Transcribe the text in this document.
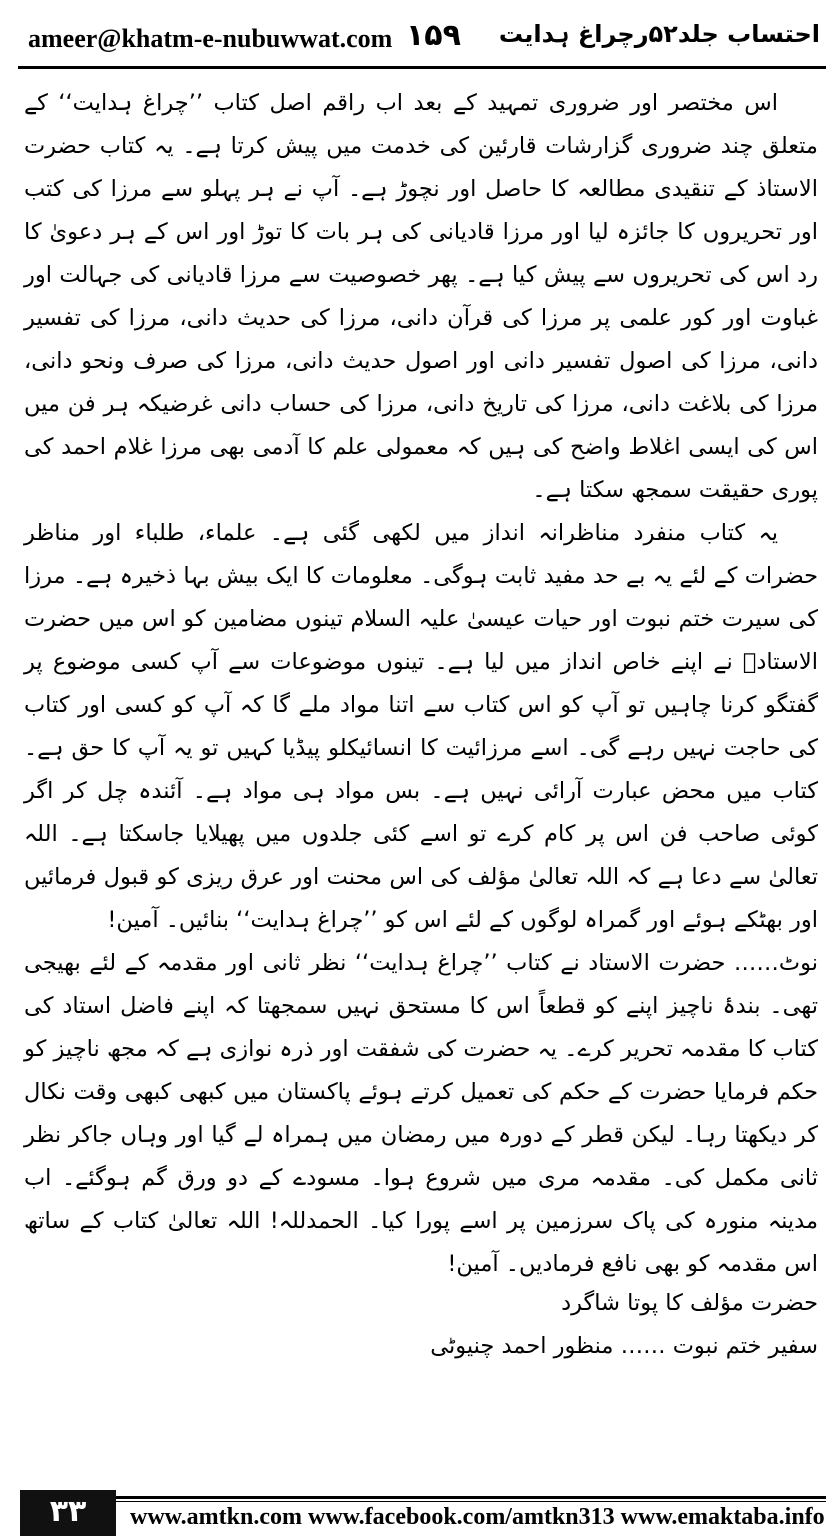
ameer@khatm-e-nubuwwat.com ۱۵۹ احتساب جلد۵۲رچراغ ہدایت

اس مختصر اور ضروری تمہید کے بعد اب راقم اصل کتاب ’’چراغ ہدایت‘‘ کے متعلق چند ضروری گزارشات قارئین کی خدمت میں پیش کرتا ہے۔ یہ کتاب حضرت الاستاذ کے تنقیدی مطالعہ کا حاصل اور نچوڑ ہے۔ آپ نے ہر پہلو سے مرزا کی کتب اور تحریروں کا جائزہ لیا اور مرزا قادیانی کی ہر بات کا توڑ اور اس کے ہر دعویٰ کا رد اس کی تحریروں سے پیش کیا ہے۔ پھر خصوصیت سے مرزا قادیانی کی جہالت اور غباوت اور کور علمی پر مرزا کی قرآن دانی، مرزا کی حدیث دانی، مرزا کی تفسیر دانی، مرزا کی اصول تفسیر دانی اور اصول حدیث دانی، مرزا کی صرف ونحو دانی، مرزا کی بلاغت دانی، مرزا کی تاریخ دانی، مرزا کی حساب دانی غرضیکہ ہر فن میں اس کی ایسی اغلاط واضح کی ہیں کہ معمولی علم کا آدمی بھی مرزا غلام احمد کی پوری حقیقت سمجھ سکتا ہے۔

یہ کتاب منفرد مناظرانہ انداز میں لکھی گئی ہے۔ علماء، طلباء اور مناظر حضرات کے لئے یہ بے حد مفید ثابت ہوگی۔ معلومات کا ایک بیش بہا ذخیرہ ہے۔ مرزا کی سیرت ختم نبوت اور حیات عیسیٰ علیہ السلام تینوں مضامین کو اس میں حضرت الاستادؒ نے اپنے خاص انداز میں لیا ہے۔ تینوں موضوعات سے آپ کسی موضوع پر گفتگو کرنا چاہیں تو آپ کو اس کتاب سے اتنا مواد ملے گا کہ آپ کو کسی اور کتاب کی حاجت نہیں رہے گی۔ اسے مرزائیت کا انسائیکلو پیڈیا کہیں تو یہ آپ کا حق ہے۔ کتاب میں محض عبارت آرائی نہیں ہے۔ بس مواد ہی مواد ہے۔ آئندہ چل کر اگر کوئی صاحب فن اس پر کام کرے تو اسے کئی جلدوں میں پھیلایا جاسکتا ہے۔ اللہ تعالیٰ سے دعا ہے کہ اللہ تعالیٰ مؤلف کی اس محنت اور عرق ریزی کو قبول فرمائیں اور بھٹکے ہوئے اور گمراہ لوگوں کے لئے اس کو ’’چراغ ہدایت‘‘ بنائیں۔ آمین!

نوٹ…… حضرت الاستاد نے کتاب ’’چراغ ہدایت‘‘ نظر ثانی اور مقدمہ کے لئے بھیجی تھی۔ بندۂ ناچیز اپنے کو قطعاً اس کا مستحق نہیں سمجھتا کہ اپنے فاضل استاد کی کتاب کا مقدمہ تحریر کرے۔ یہ حضرت کی شفقت اور ذرہ نوازی ہے کہ مجھ ناچیز کو حکم فرمایا حضرت کے حکم کی تعمیل کرتے ہوئے پاکستان میں کبھی کبھی وقت نکال کر دیکھتا رہا۔ لیکن قطر کے دورہ میں رمضان میں ہمراہ لے گیا اور وہاں جاکر نظر ثانی مکمل کی۔ مقدمہ مری میں شروع ہوا۔ مسودے کے دو ورق گم ہوگئے۔ اب مدینہ منورہ کی پاک سرزمین پر اسے پورا کیا۔ الحمدللہ! اللہ تعالیٰ کتاب کے ساتھ اس مقدمہ کو بھی نافع فرمادیں۔ آمین!

حضرت مؤلف کا پوتا شاگرد
سفیر ختم نبوت …… منظور احمد چنیوٹی
۳۳	www.amtkn.com www.facebook.com/amtkn313 www.emaktaba.info
